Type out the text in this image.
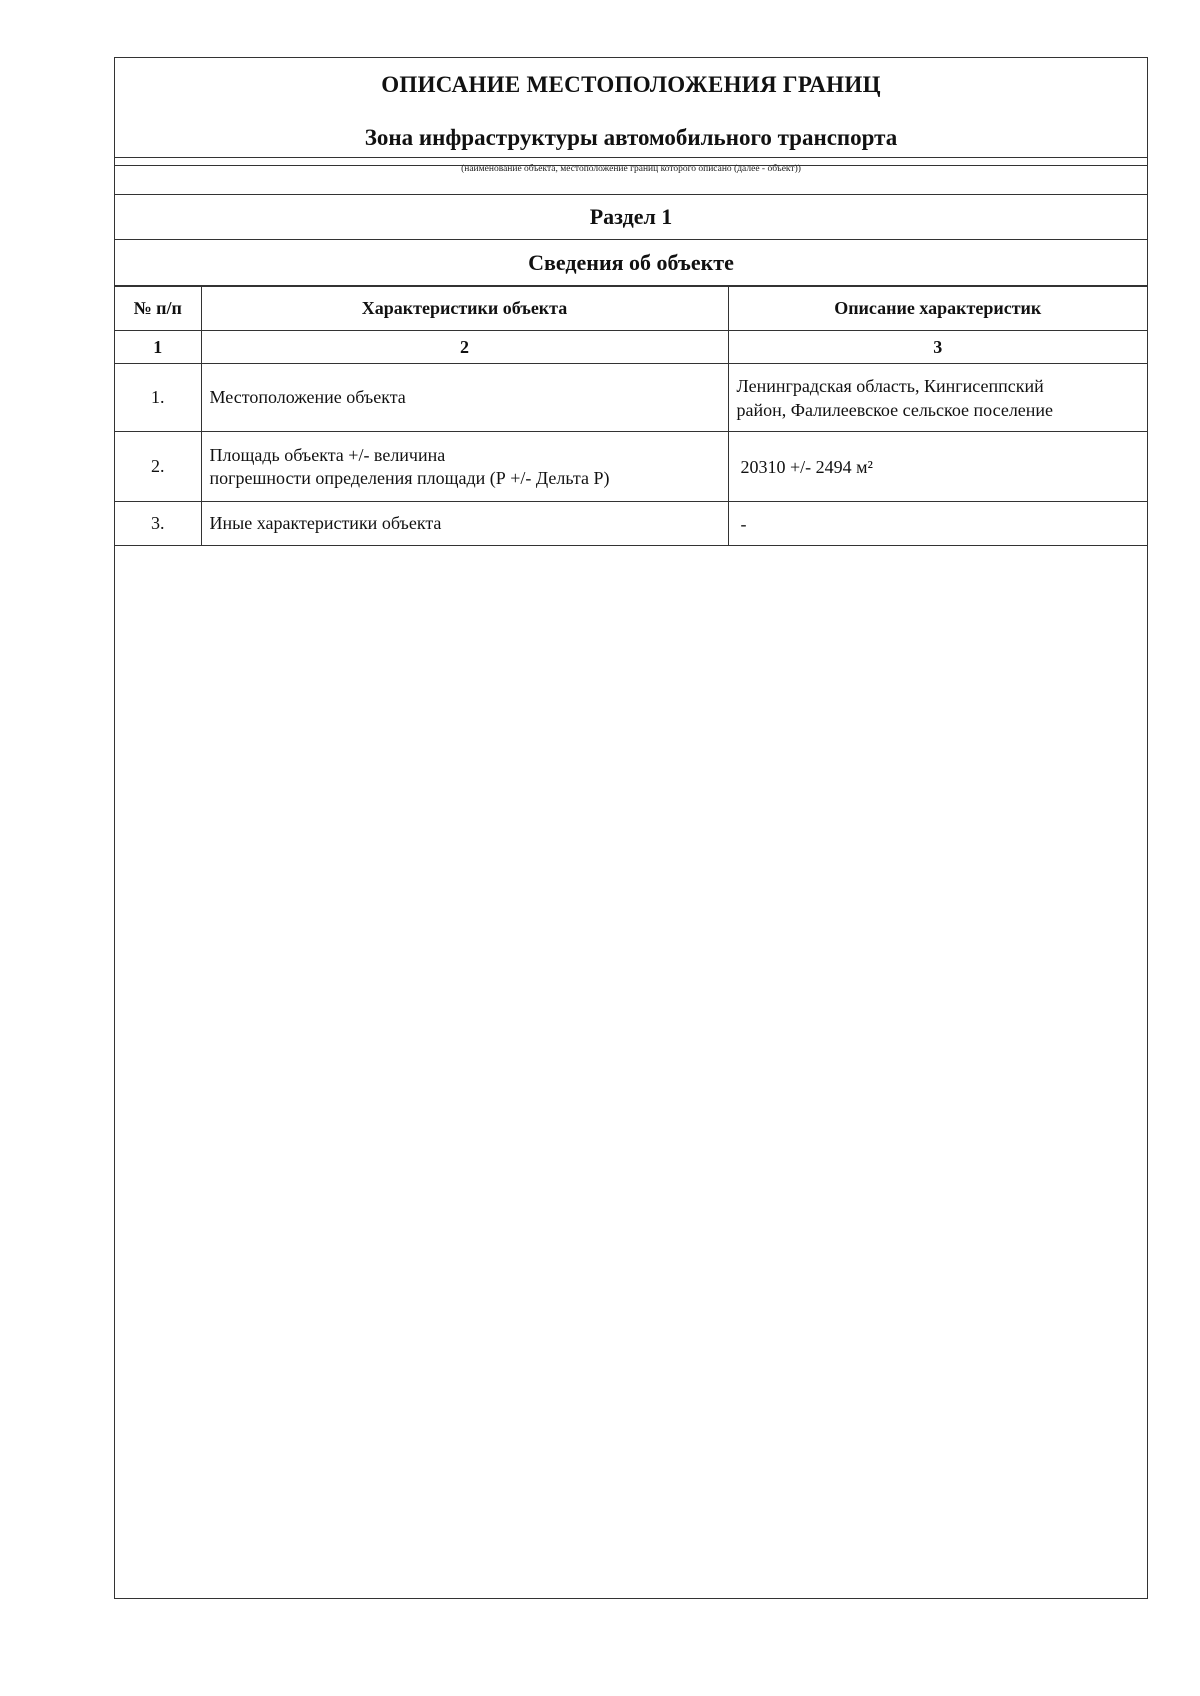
ОПИСАНИЕ МЕСТОПОЛОЖЕНИЯ ГРАНИЦ
Зона инфраструктуры автомобильного транспорта
(наименование объекта, местоположение границ которого описано (далее - объект))
Раздел 1
Сведения об объекте
№ п/п	Характеристики объекта	Описание характеристик
1	2	3
1.	Местоположение объекта	Ленинградская область, Кингисеппский
район, Фалилеевское сельское поселение

2.	Площадь объекта +/- величина
погрешности определения площади (Р +/- Дельта Р)	20310 +/- 2494 м²

3.	Иные характеристики объекта	-
